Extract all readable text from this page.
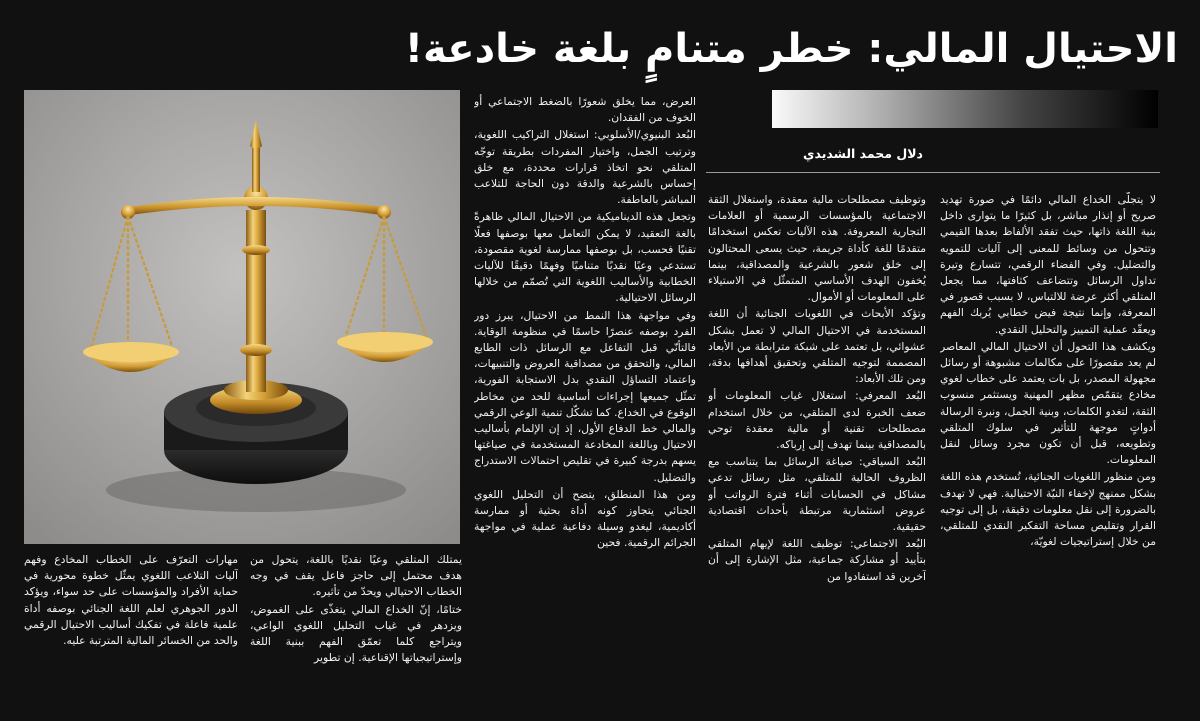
الاحتيال المالي: خطر متنامٍ بلغة خادعة!
دلال محمد الشديدي

لا يتجلّى الخداع المالي دائمًا في صورة تهديد صريح أو إنذار مباشر، بل كثيرًا ما يتوارى داخل بنية اللغة ذاتها، حيث تفقد الألفاظ بعدها القيمي وتتحول من وسائط للمعنى إلى آليات للتمويه والتضليل. وفي الفضاء الرقمي، تتسارع وتيرة تداول الرسائل وتتضاعف كثافتها، مما يجعل المتلقي أكثر عرضة للالتباس، لا بسبب قصور في المعرفة، وإنما نتيجة فيض خطابي يُربك الفهم ويعقّد عملية التمييز والتحليل النقدي.

ويكشف هذا التحول أن الاحتيال المالي المعاصر لم يعد مقصورًا على مكالمات مشبوهة أو رسائل مجهولة المصدر، بل بات يعتمد على خطاب لغوي مخادع يتقمّص مظهر المهنية ويستثمر منسوب الثقة، لتغدو الكلمات، وبنية الجمل، ونبرة الرسالة أدواتٍ موجهة للتأثير في سلوك المتلقي وتطويعه، قبل أن تكون مجرد وسائل لنقل المعلومات.

ومن منظور اللغويات الجنائية، تُستخدم هذه اللغة بشكل ممنهج لإخفاء النيّة الاحتيالية. فهي لا تهدف بالضرورة إلى نقل معلومات دقيقة، بل إلى توجيه القرار وتقليص مساحة التفكير النقدي للمتلقي، من خلال إستراتيجيات لغويّة،

وتوظيف مصطلحات مالية معقدة، واستغلال الثقة الاجتماعية بالمؤسسات الرسمية أو العلامات التجارية المعروفة. هذه الآليات تعكس استخدامًا متقدمًا للغة كأداة جريمة، حيث يسعى المحتالون إلى خلق شعور بالشرعية والمصداقية، بينما يُخفون الهدف الأساسي المتمثّل في الاستيلاء على المعلومات أو الأموال.

وتؤكد الأبحاث في اللغويات الجنائية أن اللغة المستخدمة في الاحتيال المالي لا تعمل بشكل عشوائي، بل تعتمد على شبكة مترابطة من الأبعاد المصممة لتوجيه المتلقي وتحقيق أهدافها بدقة، ومن تلك الأبعاد:

البُعد المعرفي: استغلال غياب المعلومات أو ضعف الخبرة لدى المتلقي، من خلال استخدام مصطلحات تقنية أو مالية معقدة توحي بالمصداقية بينما تهدف إلى إرباكه.

البُعد السياقي: صياغة الرسائل بما يتناسب مع الظروف الحالية للمتلقي، مثل رسائل تدعي مشاكل في الحسابات أثناء فترة الرواتب أو عروض استثمارية مرتبطة بأحداث اقتصادية حقيقية.

البُعد الاجتماعي: توظيف اللغة لإيهام المتلقي بتأييد أو مشاركة جماعية، مثل الإشارة إلى أن آخرين قد استفادوا من

العرض، مما يخلق شعورًا بالضغط الاجتماعي أو الخوف من الفقدان.

البُعد البنيوي/الأسلوبي: استغلال التراكيب اللغوية، وترتيب الجمل، واختيار المفردات بطريقة توجّه المتلقي نحو اتخاذ قرارات محددة، مع خلق إحساس بالشرعية والدقة دون الحاجة للتلاعب المباشر بالعاطفة.

وتجعل هذه الديناميكية من الاحتيال المالي ظاهرةً بالغة التعقيد، لا يمكن التعامل معها بوصفها فعلًا تقنيًا فحسب، بل بوصفها ممارسة لغوية مقصودة، تستدعي وعيًا نقديًا متناميًا وفهمًا دقيقًا للآليات الخطابية والأساليب اللغوية التي تُصمّم من خلالها الرسائل الاحتيالية.

وفي مواجهة هذا النمط من الاحتيال، يبرز دور الفرد بوصفه عنصرًا حاسمًا في منظومة الوقاية. فالتأنّي قبل التفاعل مع الرسائل ذات الطابع المالي، والتحقق من مصداقية العروض والتنبيهات، واعتماد التساؤل النقدي بدل الاستجابة الفورية، تمثّل جميعها إجراءات أساسية للحد من مخاطر الوقوع في الخداع. كما تشكّل تنمية الوعي الرقمي والمالي خط الدفاع الأول، إذ إن الإلمام بأساليب الاحتيال وباللغة المخادعة المستخدمة في صياغتها يسهم بدرجة كبيرة في تقليص احتمالات الاستدراج والتضليل.

ومن هذا المنطلق، يتضح أن التحليل اللغوي الجنائي يتجاوز كونه أداة بحثية أو ممارسة أكاديمية، ليغدو وسيلة دفاعية عملية في مواجهة الجرائم الرقمية. فحين

يمتلك المتلقي وعيًا نقديًا باللغة، يتحول من هدف محتمل إلى حاجز فاعل يقف في وجه الخطاب الاحتيالي ويحدّ من تأثيره.

ختامًا، إنّ الخداع المالي يتغذّى على الغموض، ويزدهر في غياب التحليل اللغوي الواعي، ويتراجع كلما تعمّق الفهم ببنية اللغة وإستراتيجياتها الإقناعية. إن تطوير

مهارات التعرّف على الخطاب المخادع وفهم آليات التلاعب اللغوي يمثّل خطوة محورية في حماية الأفراد والمؤسسات على حد سواء، ويؤكد الدور الجوهري لعلم اللغة الجنائي بوصفه أداة علمية فاعلة في تفكيك أساليب الاحتيال الرقمي والحد من الخسائر المالية المترتبة عليه.
